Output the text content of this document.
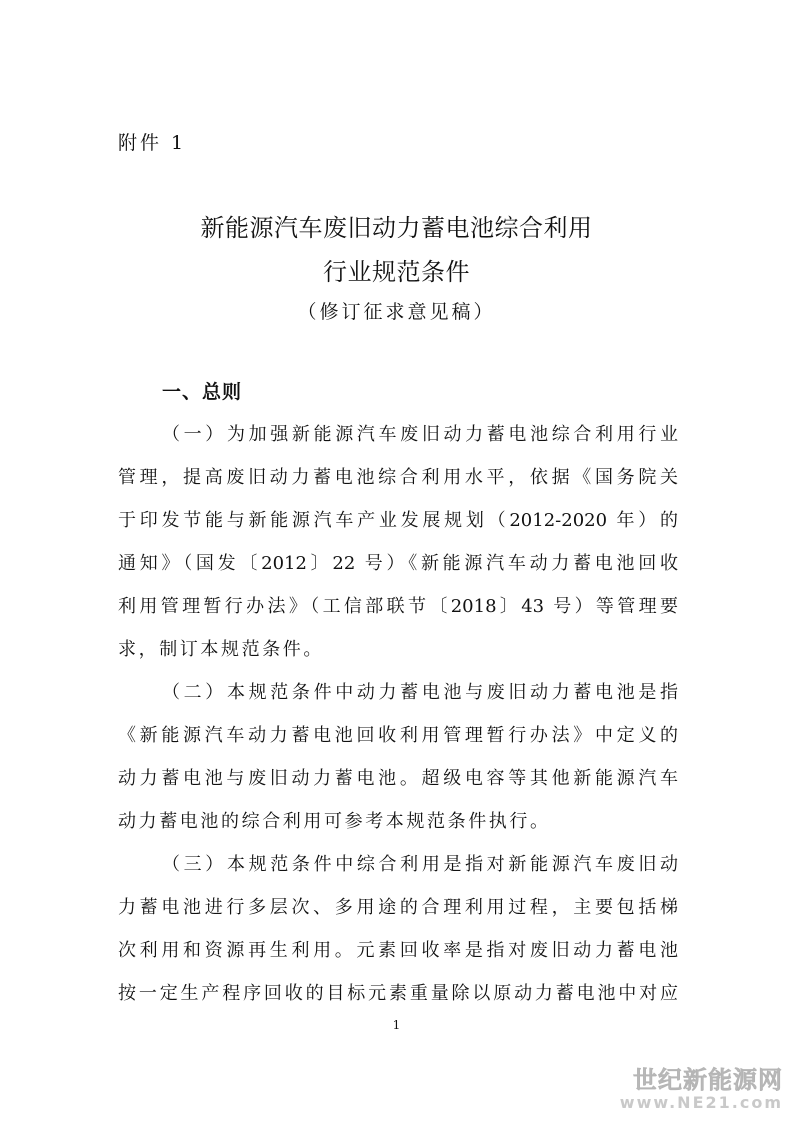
附件 1
新能源汽车废旧动力蓄电池综合利用
行业规范条件
（修订征求意见稿）
一、总则
（一）为加强新能源汽车废旧动力蓄电池综合利用行业
管理，提高废旧动力蓄电池综合利用水平，依据《国务院关
于印发节能与新能源汽车产业发展规划（2012-2020 年）的
通知》（国发〔2012〕22 号）《新能源汽车动力蓄电池回收
利用管理暂行办法》（工信部联节〔2018〕43 号）等管理要
求，制订本规范条件。
（二）本规范条件中动力蓄电池与废旧动力蓄电池是指
《新能源汽车动力蓄电池回收利用管理暂行办法》中定义的
动力蓄电池与废旧动力蓄电池。超级电容等其他新能源汽车
动力蓄电池的综合利用可参考本规范条件执行。
（三）本规范条件中综合利用是指对新能源汽车废旧动
力蓄电池进行多层次、多用途的合理利用过程，主要包括梯
次利用和资源再生利用。元素回收率是指对废旧动力蓄电池
按一定生产程序回收的目标元素重量除以原动力蓄电池中对应
1
世纪新能源网
www.NE21.com
